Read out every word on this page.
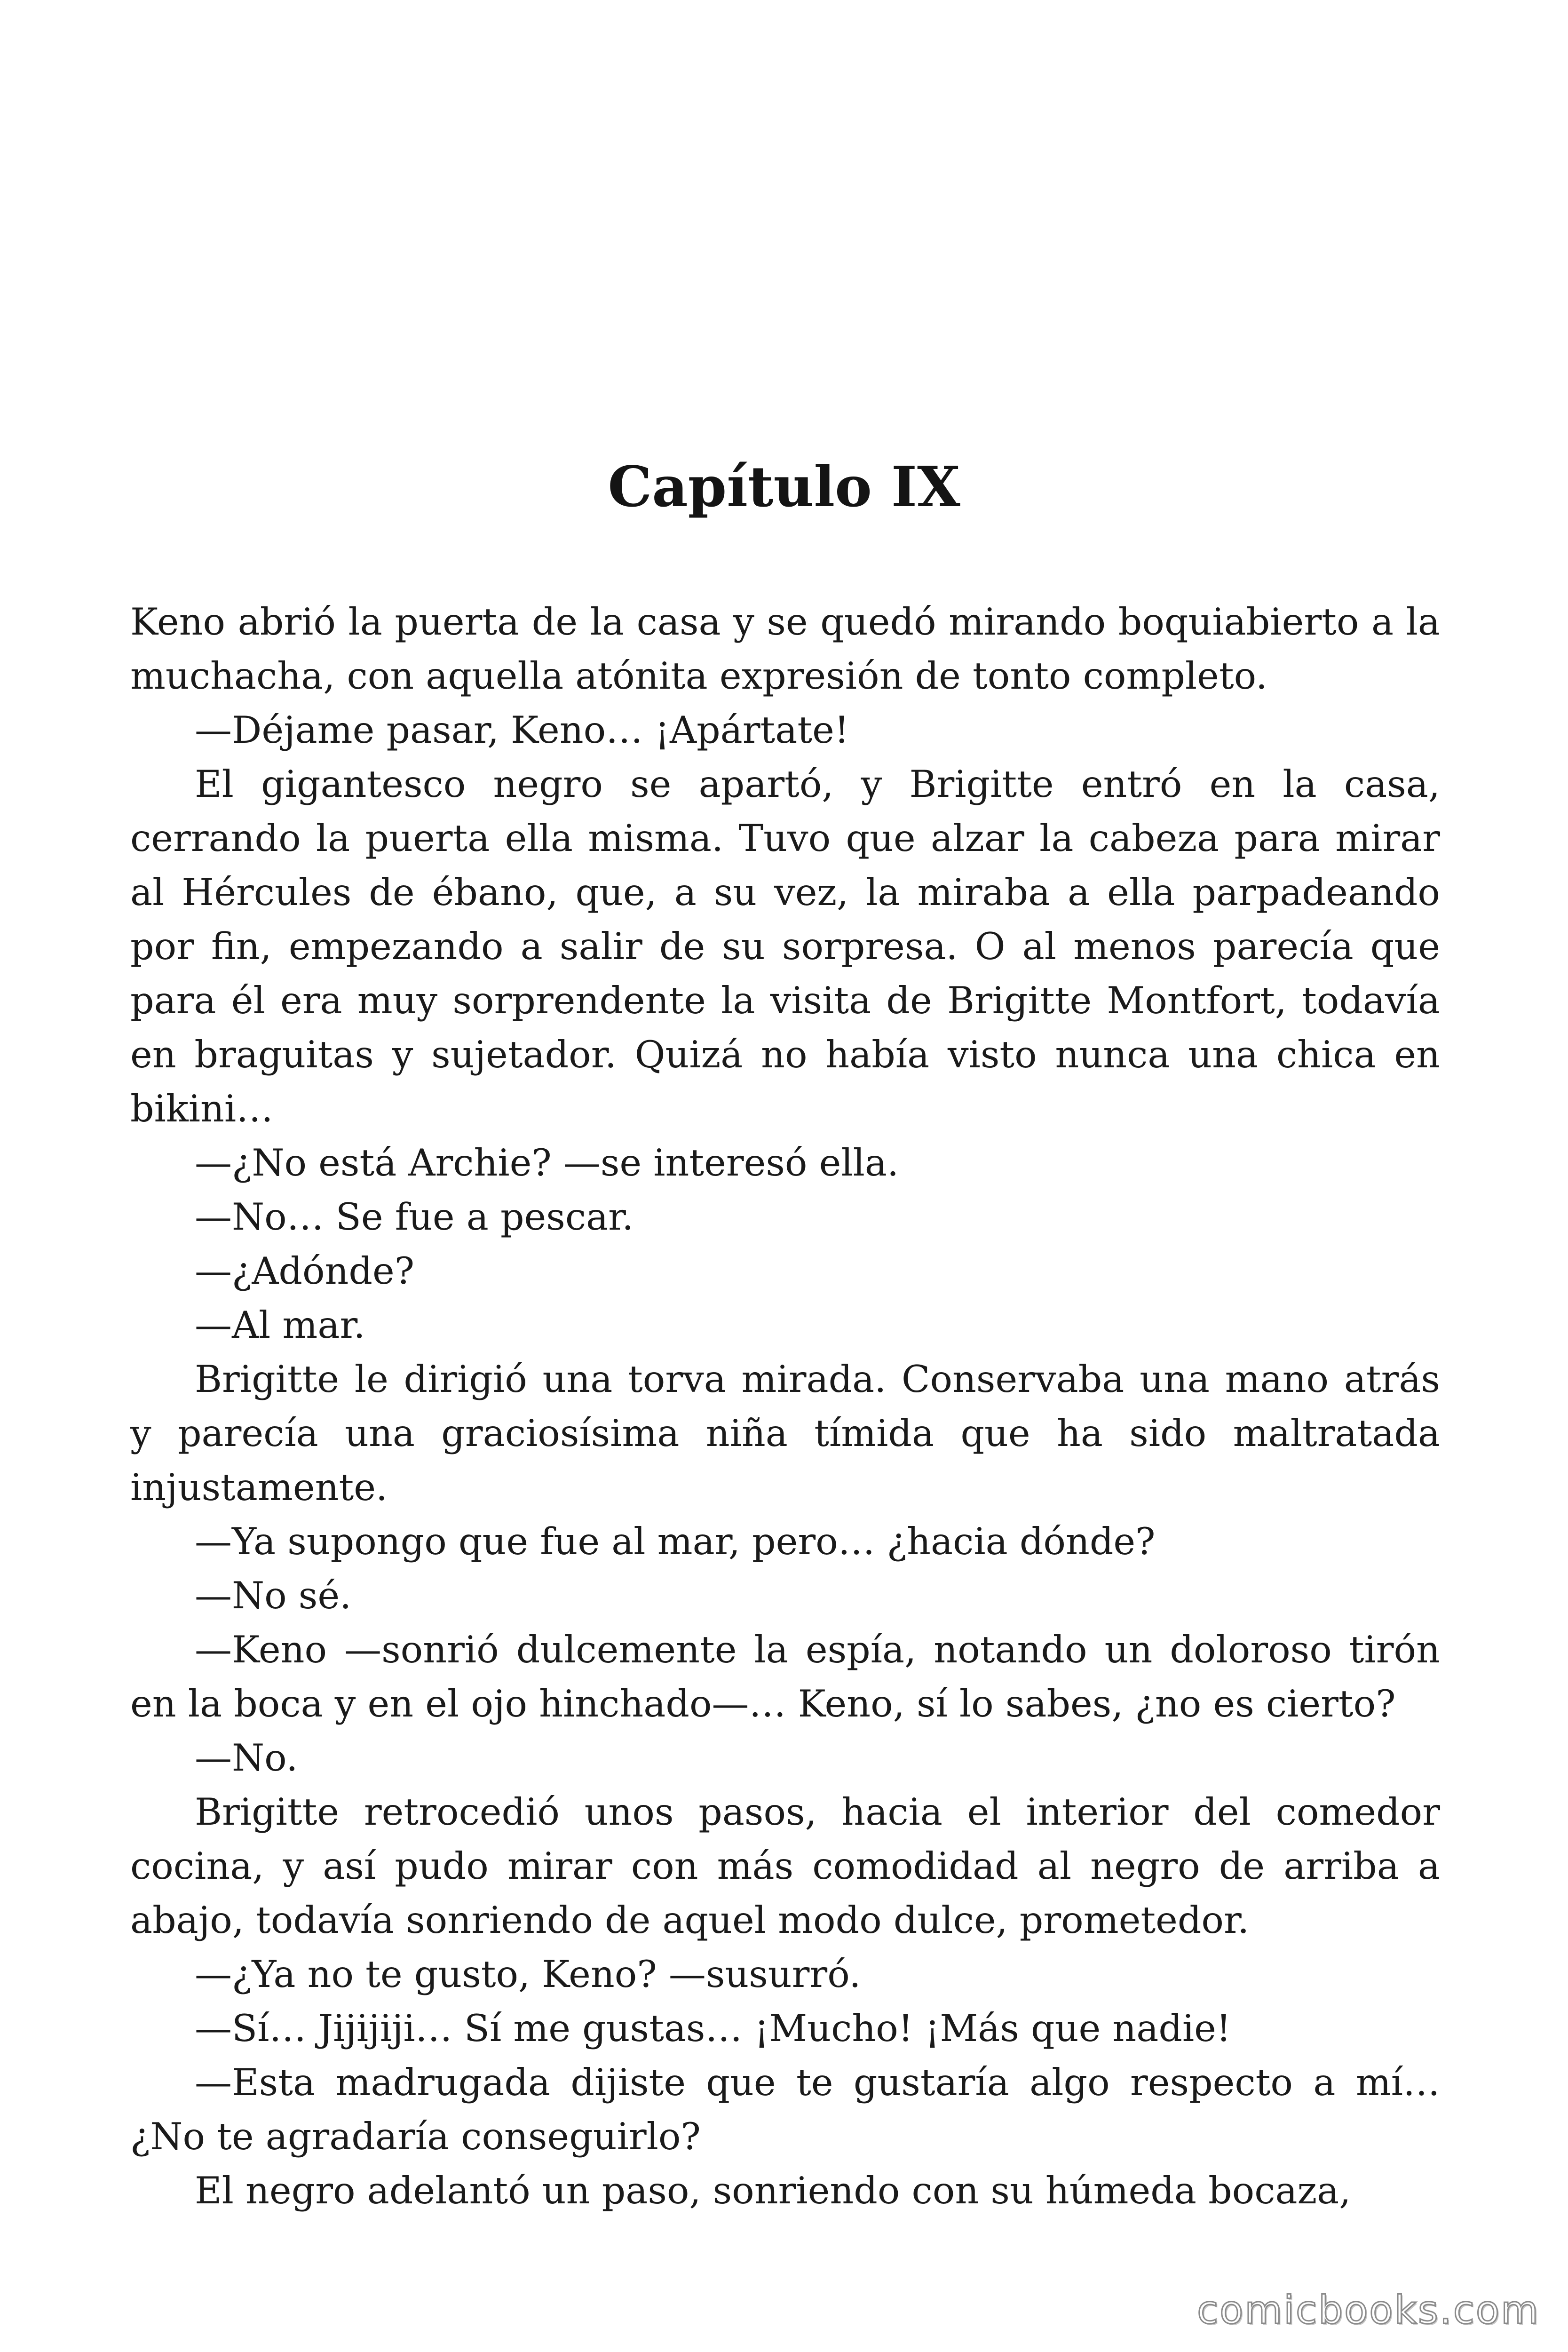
Capítulo IX

Keno abrió la puerta de la casa y se quedó mirando boquiabierto a la muchacha, con aquella atónita expresión de tonto completo.

—Déjame pasar, Keno… ¡Apártate!

El gigantesco negro se apartó, y Brigitte entró en la casa, cerrando la puerta ella misma. Tuvo que alzar la cabeza para mirar al Hércules de ébano, que, a su vez, la miraba a ella parpadeando por fin, empezando a salir de su sorpresa. O al menos parecía que para él era muy sorprendente la visita de Brigitte Montfort, todavía en braguitas y sujetador. Quizá no había visto nunca una chica en bikini…

—¿No está Archie? —se interesó ella.

—No… Se fue a pescar.

—¿Adónde?

—Al mar.

Brigitte le dirigió una torva mirada. Conservaba una mano atrás y parecía una graciosísima niña tímida que ha sido maltratada injustamente.

—Ya supongo que fue al mar, pero… ¿hacia dónde?

—No sé.

—Keno —sonrió dulcemente la espía, notando un doloroso tirón en la boca y en el ojo hinchado—… Keno, sí lo sabes, ¿no es cierto?

—No.

Brigitte retrocedió unos pasos, hacia el interior del comedor cocina, y así pudo mirar con más comodidad al negro de arriba a abajo, todavía sonriendo de aquel modo dulce, prometedor.

—¿Ya no te gusto, Keno? —susurró.

—Sí… Jijijiji… Sí me gustas… ¡Mucho! ¡Más que nadie!

—Esta madrugada dijiste que te gustaría algo respecto a mí… ¿No te agradaría conseguirlo?

El negro adelantó un paso, sonriendo con su húmeda bocaza,

comicbooks.com
